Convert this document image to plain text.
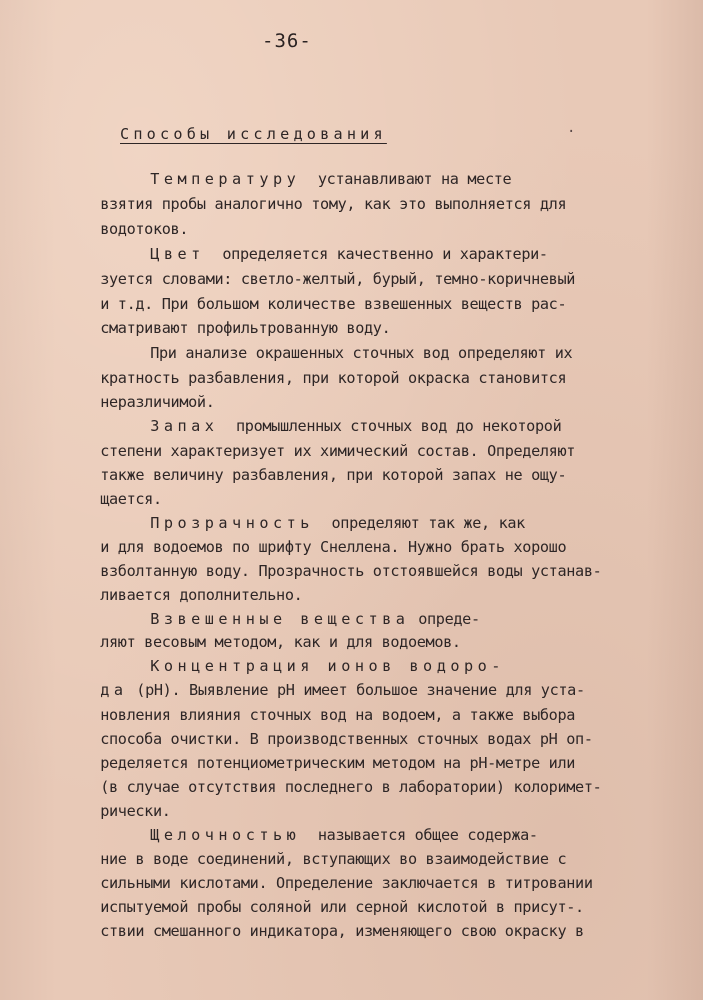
-36-
Способы исследования	·

Температуру  устанавливают на месте

взятия пробы аналогично тому, как это выполняется для

водотоков.

Цвет  определяется качественно и характери-

зуется словами: светло-желтый, бурый, темно-коричневый

и т.д. При большом количестве взвешенных веществ рас-

сматривают профильтрованную воду.

При анализе окрашенных сточных вод определяют их

кратность разбавления, при которой окраска становится

неразличимой.

Запах  промышленных сточных вод до некоторой

степени характеризует их химический состав. Определяют

также величину разбавления, при которой запах не ощу-

щается.

Прозрачность  определяют так же, как

и для водоемов по шрифту Снеллена. Нужно брать хорошо

взболтанную воду. Прозрачность отстоявшейся воды устанав-

ливается дополнительно.

Взвешенные вещества опреде-

ляют весовым методом, как и для водоемов.

Концентрация ионов водоро-

да (pH). Выявление pH имеет большое значение для уста-

новления влияния сточных вод на водоем, а также выбора

способа очистки. В производственных сточных водах pH оп-

ределяется потенциометрическим методом на pH-метре или

(в случае отсутствия последнего в лаборатории) колоримет-

рически.

Щелочностью  называется общее содержа-

ние в воде соединений, вступающих во взаимодействие с

сильными кислотами. Определение заключается в титровании

испытуемой пробы соляной или серной кислотой в присут-.

ствии смешанного индикатора, изменяющего свою окраску в
